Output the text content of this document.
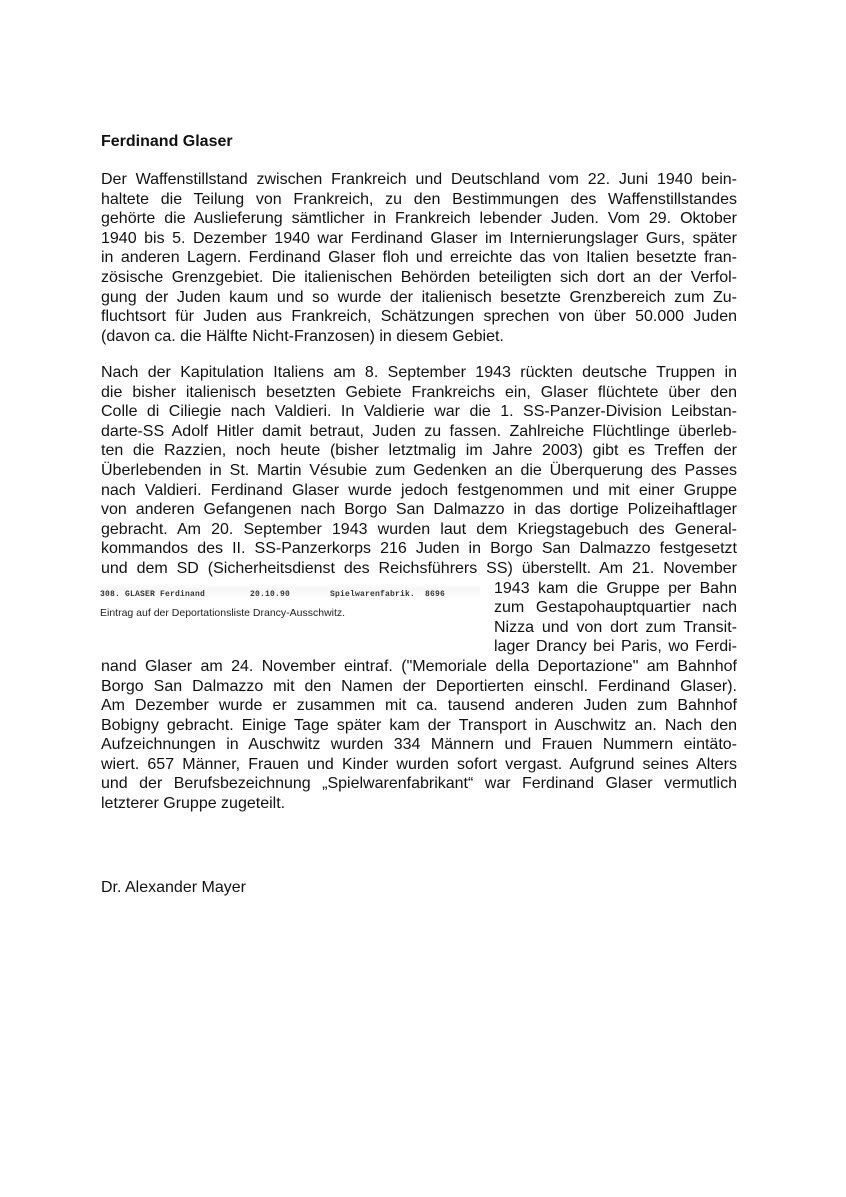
Ferdinand Glaser
Der Waffenstillstand zwischen Frankreich und Deutschland vom 22. Juni 1940 bein-
haltete die Teilung von Frankreich, zu den Bestimmungen des Waffenstillstandes
gehörte die Auslieferung sämtlicher in Frankreich lebender Juden. Vom 29. Oktober
1940 bis 5. Dezember 1940 war Ferdinand Glaser im Internierungslager Gurs, später
in anderen Lagern. Ferdinand Glaser floh und erreichte das von Italien besetzte fran-
zösische Grenzgebiet. Die italienischen Behörden beteiligten sich dort an der Verfol-
gung der Juden kaum und so wurde der italienisch besetzte Grenzbereich zum Zu-
fluchtsort für Juden aus Frankreich, Schätzungen sprechen von über 50.000 Juden
(davon ca. die Hälfte Nicht-Franzosen) in diesem Gebiet.
Nach der Kapitulation Italiens am 8. September 1943 rückten deutsche Truppen in
die bisher italienisch besetzten Gebiete Frankreichs ein, Glaser flüchtete über den
Colle di Ciliegie nach Valdieri. In Valdierie war die 1. SS-Panzer-Division Leibstan-
darte-SS Adolf Hitler damit betraut, Juden zu fassen. Zahlreiche Flüchtlinge überleb-
ten die Razzien, noch heute (bisher letztmalig im Jahre 2003) gibt es Treffen der
Überlebenden in St. Martin Vésubie zum Gedenken an die Überquerung des Passes
nach Valdieri. Ferdinand Glaser wurde jedoch festgenommen und mit einer Gruppe
von anderen Gefangenen nach Borgo San Dalmazzo in das dortige Polizeihaftlager
gebracht. Am 20. September 1943 wurden laut dem Kriegstagebuch des General-
kommandos des II. SS-Panzerkorps 216 Juden in Borgo San Dalmazzo festgesetzt
und dem SD (Sicherheitsdienst des Reichsführers SS) überstellt. Am 21. November
1943 kam die Gruppe per Bahn
zum Gestapohauptquartier nach
Nizza und von dort zum Transit-
lager Drancy bei Paris, wo Ferdi-
nand Glaser am 24. November eintraf. ("Memoriale della Deportazione" am Bahnhof
Borgo San Dalmazzo mit den Namen der Deportierten einschl. Ferdinand Glaser).
Am Dezember wurde er zusammen mit ca. tausend anderen Juden zum Bahnhof
Bobigny gebracht. Einige Tage später kam der Transport in Auschwitz an. Nach den
Aufzeichnungen in Auschwitz wurden 334 Männern und Frauen Nummern eintäto-
wiert. 657 Männer, Frauen und Kinder wurden sofort vergast. Aufgrund seines Alters
und der Berufsbezeichnung „Spielwarenfabrikant“ war Ferdinand Glaser vermutlich
letzterer Gruppe zugeteilt.
308. GLASER Ferdinand         20.10.90        Spielwarenfabrik.  8696
Eintrag auf der Deportationsliste Drancy-Ausschwitz.
Dr. Alexander Mayer
